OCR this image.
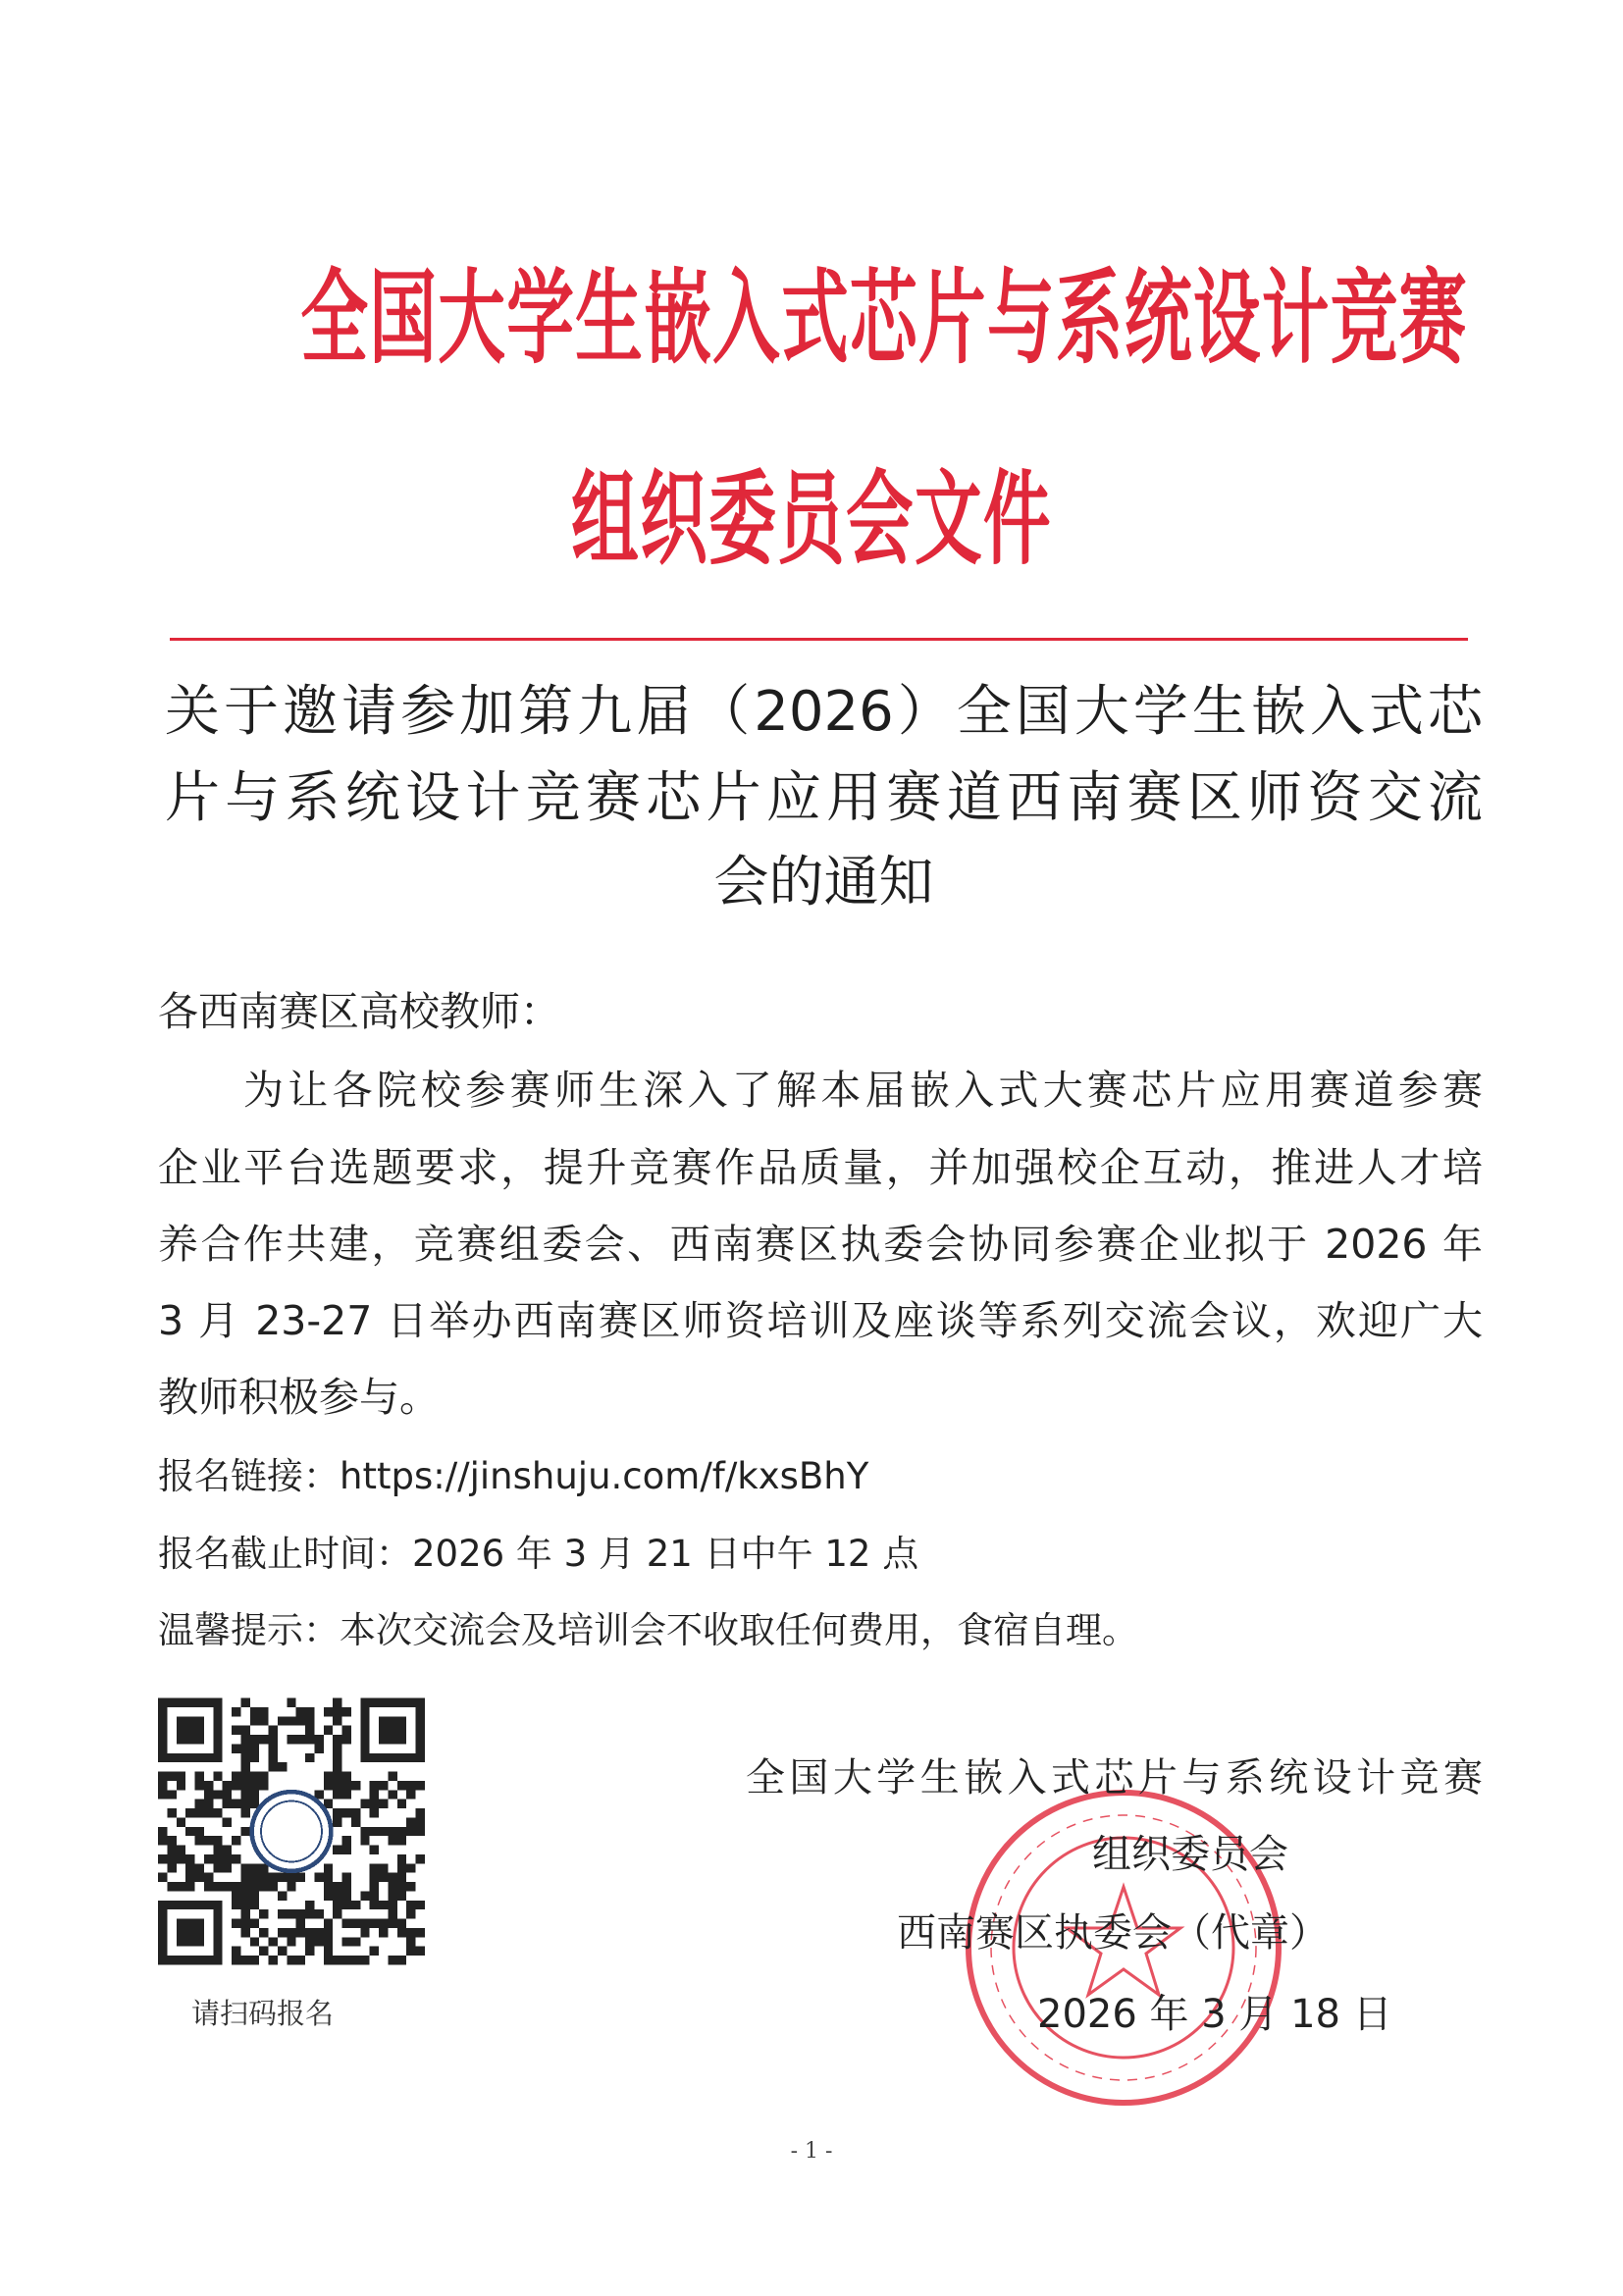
全国大学生嵌入式芯片与系统设计竞赛
组织委员会文件
关于邀请参加第九届（2026）全国大学生嵌入式芯
片与系统设计竞赛芯片应用赛道西南赛区师资交流
会的通知
各西南赛区高校教师：
为让各院校参赛师生深入了解本届嵌入式大赛芯片应用赛道参赛
企业平台选题要求，提升竞赛作品质量，并加强校企互动，推进人才培
养合作共建，竞赛组委会、西南赛区执委会协同参赛企业拟于 2026 年
3 月 23-27 日举办西南赛区师资培训及座谈等系列交流会议，欢迎广大
教师积极参与。
报名链接：https://jinshuju.com/f/kxsBhY
报名截止时间：2026 年 3 月 21 日中午 12 点
温馨提示：本次交流会及培训会不收取任何费用，食宿自理。
请扫码报名
全国大学生嵌入式芯片与系统设计竞赛
组织委员会
西南赛区执委会（代章）
2026 年 3 月 18 日
- 1 -
